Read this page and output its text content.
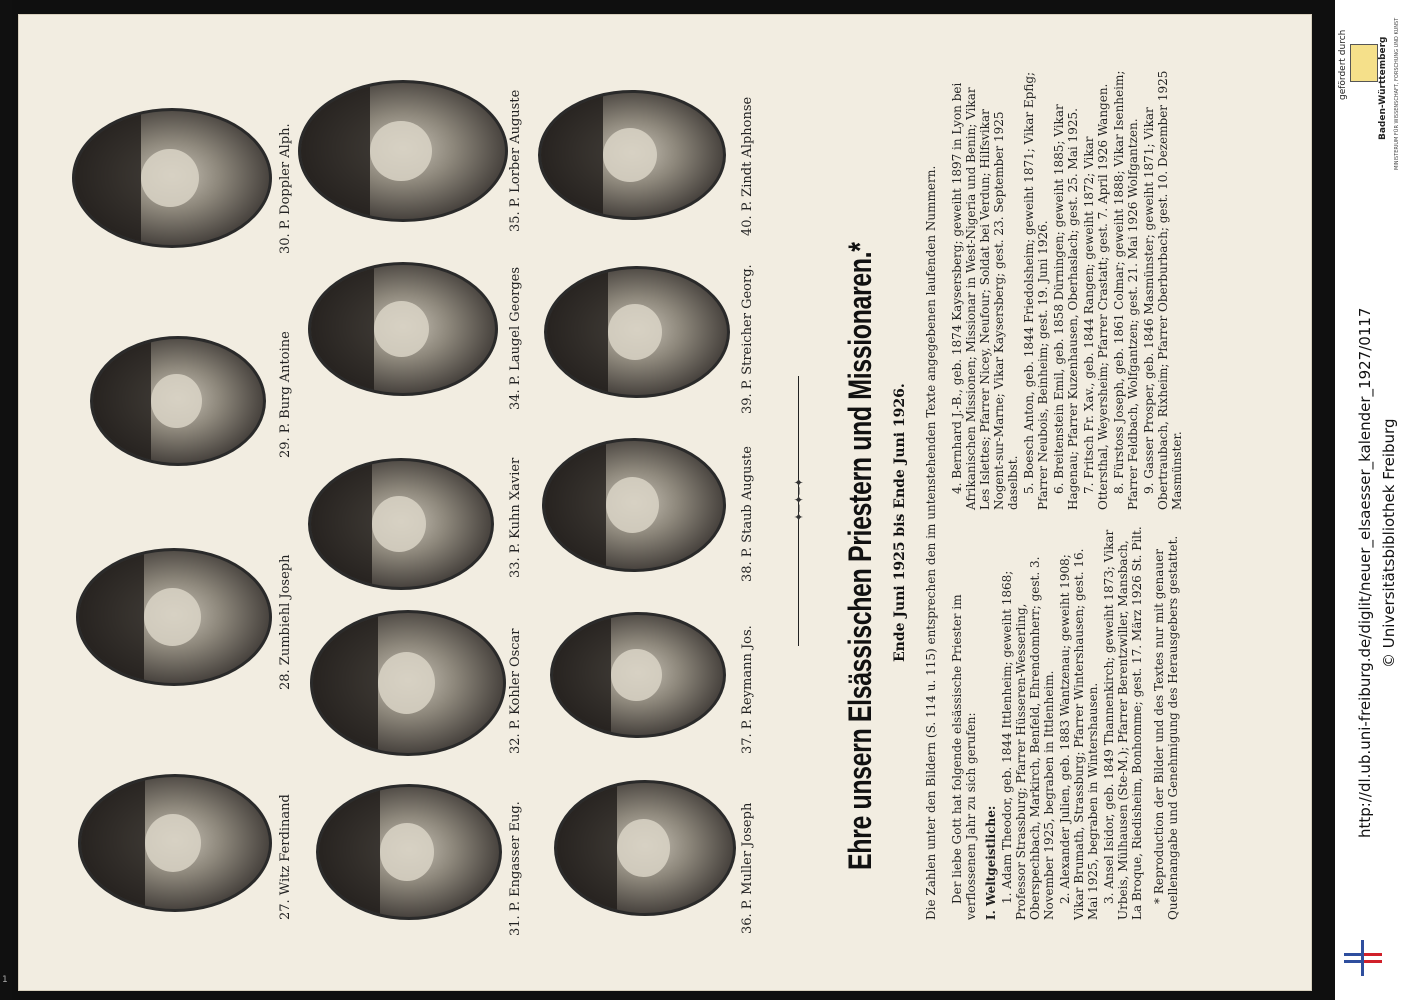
1
27. Witz Ferdinand
28. Zumbiehl Joseph
29. P. Burg Antoine
30. P. Doppler Alph.
31. P. Engasser Eug.
32. P. Kohler Oscar
33. P. Kuhn Xavier
34. P. Laugel Georges
35. P. Lorber Auguste
36. P. Muller Joseph
37. P. Reymann Jos.
38. P. Staub Auguste
39. P. Streicher Georg.
40. P. Zindt Alphonse
✦─✦─✦ Ehre unsern Elsässischen Priestern und Missionaren.* Ende Juni 1925 bis Ende Juni 1926. Die Zahlen unter den Bildern (S. 114 u. 115) entsprechen den im untenstehenden Texte angegebenen laufenden Nummern. Der liebe Gott hat folgende elsässische Priester im verflossenen Jahr zu sich gerufen: I. Weltgeistliche: 1. Adam Theodor, geb. 1844 Ittlenheim; geweiht 1868; Professor Strassburg; Pfarrer Hüsseren-Wesserling, Oberspechbach, Markirch, Benfeld, Ehrendomherr; gest. 3. November 1925, begraben in Ittlenheim. 2. Alexander Julien, geb. 1883 Wantzenau; geweiht 1908; Vikar Brumath, Strassburg; Pfarrer Wintershausen; gest. 16. Mai 1925, begraben in Wintershausen. 3. Ansel Isidor, geb. 1849 Thannenkirch; geweiht 1873; Vikar Urbeis, Mülhausen (Ste-M.); Pfarrer Berentzwiller, Mansbach, La Broque, Riedisheim, Bonhomme; gest. 17. März 1926 St. Pilt. * Reproduction der Bilder und des Textes nur mit genauer Quellenangabe und Genehmigung des Herausgebers gestattet.

4. Bernhard J.-B., geb. 1874 Kaysersberg; geweiht 1897 in Lyon bei Afrikanischen Missionen; Missionar in West-Nigeria und Benin; Vikar Les Islettes; Pfarrer Nicey, Neufour; Soldat bei Verdun; Hilfsvikar Nogent-sur-Marne; Vikar Kaysersberg; gest. 23. September 1925 daselbst. 5. Boesch Anton, geb. 1844 Friedolsheim; geweiht 1871; Vikar Epfig; Pfarrer Neubois, Beinheim; gest. 19. Juni 1926. 6. Breitenstein Emil, geb. 1858 Dürningen; geweiht 1885; Vikar Hagenau; Pfarrer Kuzenhausen, Oberhaslach; gest. 25. Mai 1925. 7. Fritsch Fr. Xav., geb. 1844 Rangen; geweiht 1872; Vikar Ottersthal, Weyersheim; Pfarrer Crastatt; gest. 7. April 1926 Wangen. 8. Fürstoss Joseph, geb. 1861 Colmar; geweiht 1888; Vikar Isenheim; Pfarrer Feldbach, Wolfgantzen; gest. 21. Mai 1926 Wolfgantzen. 9. Gasser Prosper, geb. 1846 Masmünster; geweiht 1871; Vikar Obertraubach, Rixheim; Pfarrer Oberburbach; gest. 10. Dezember 1925 Masmünster.

gefördert durch	Baden-Württemberg MINISTERIUM FÜR WISSENSCHAFT, FORSCHUNG UND KUNST
http://dl.ub.uni-freiburg.de/diglit/neuer_elsaesser_kalender_1927/0117 © Universitätsbibliothek Freiburg
